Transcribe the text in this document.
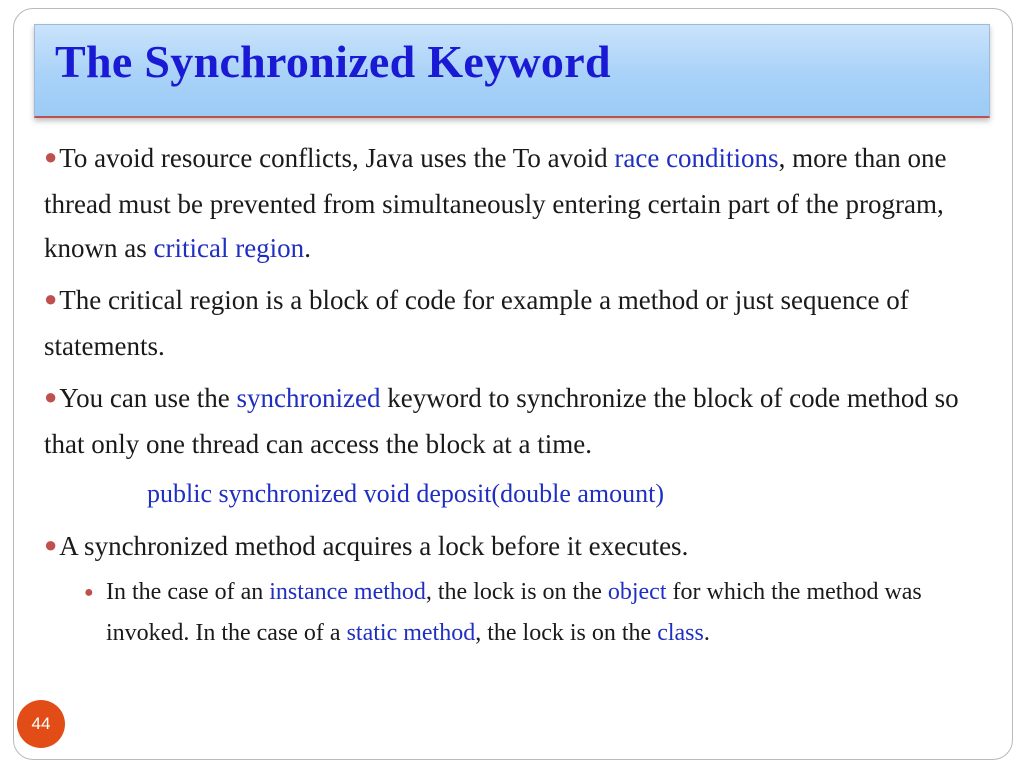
The Synchronized Keyword

●To avoid resource conflicts, Java uses the To avoid race conditions, more than one thread must be prevented from simultaneously entering certain part of the program, known as critical region.

●The critical region is a block of code for example a method or just sequence of statements.

●You can use the synchronized keyword to synchronize the block of code method so that only one thread can access the block at a time.

public synchronized void deposit(double amount)

●A synchronized method acquires a lock before it executes.

● In the case of an instance method, the lock is on the object for which the method was invoked. In the case of a static method, the lock is on the class.
44
